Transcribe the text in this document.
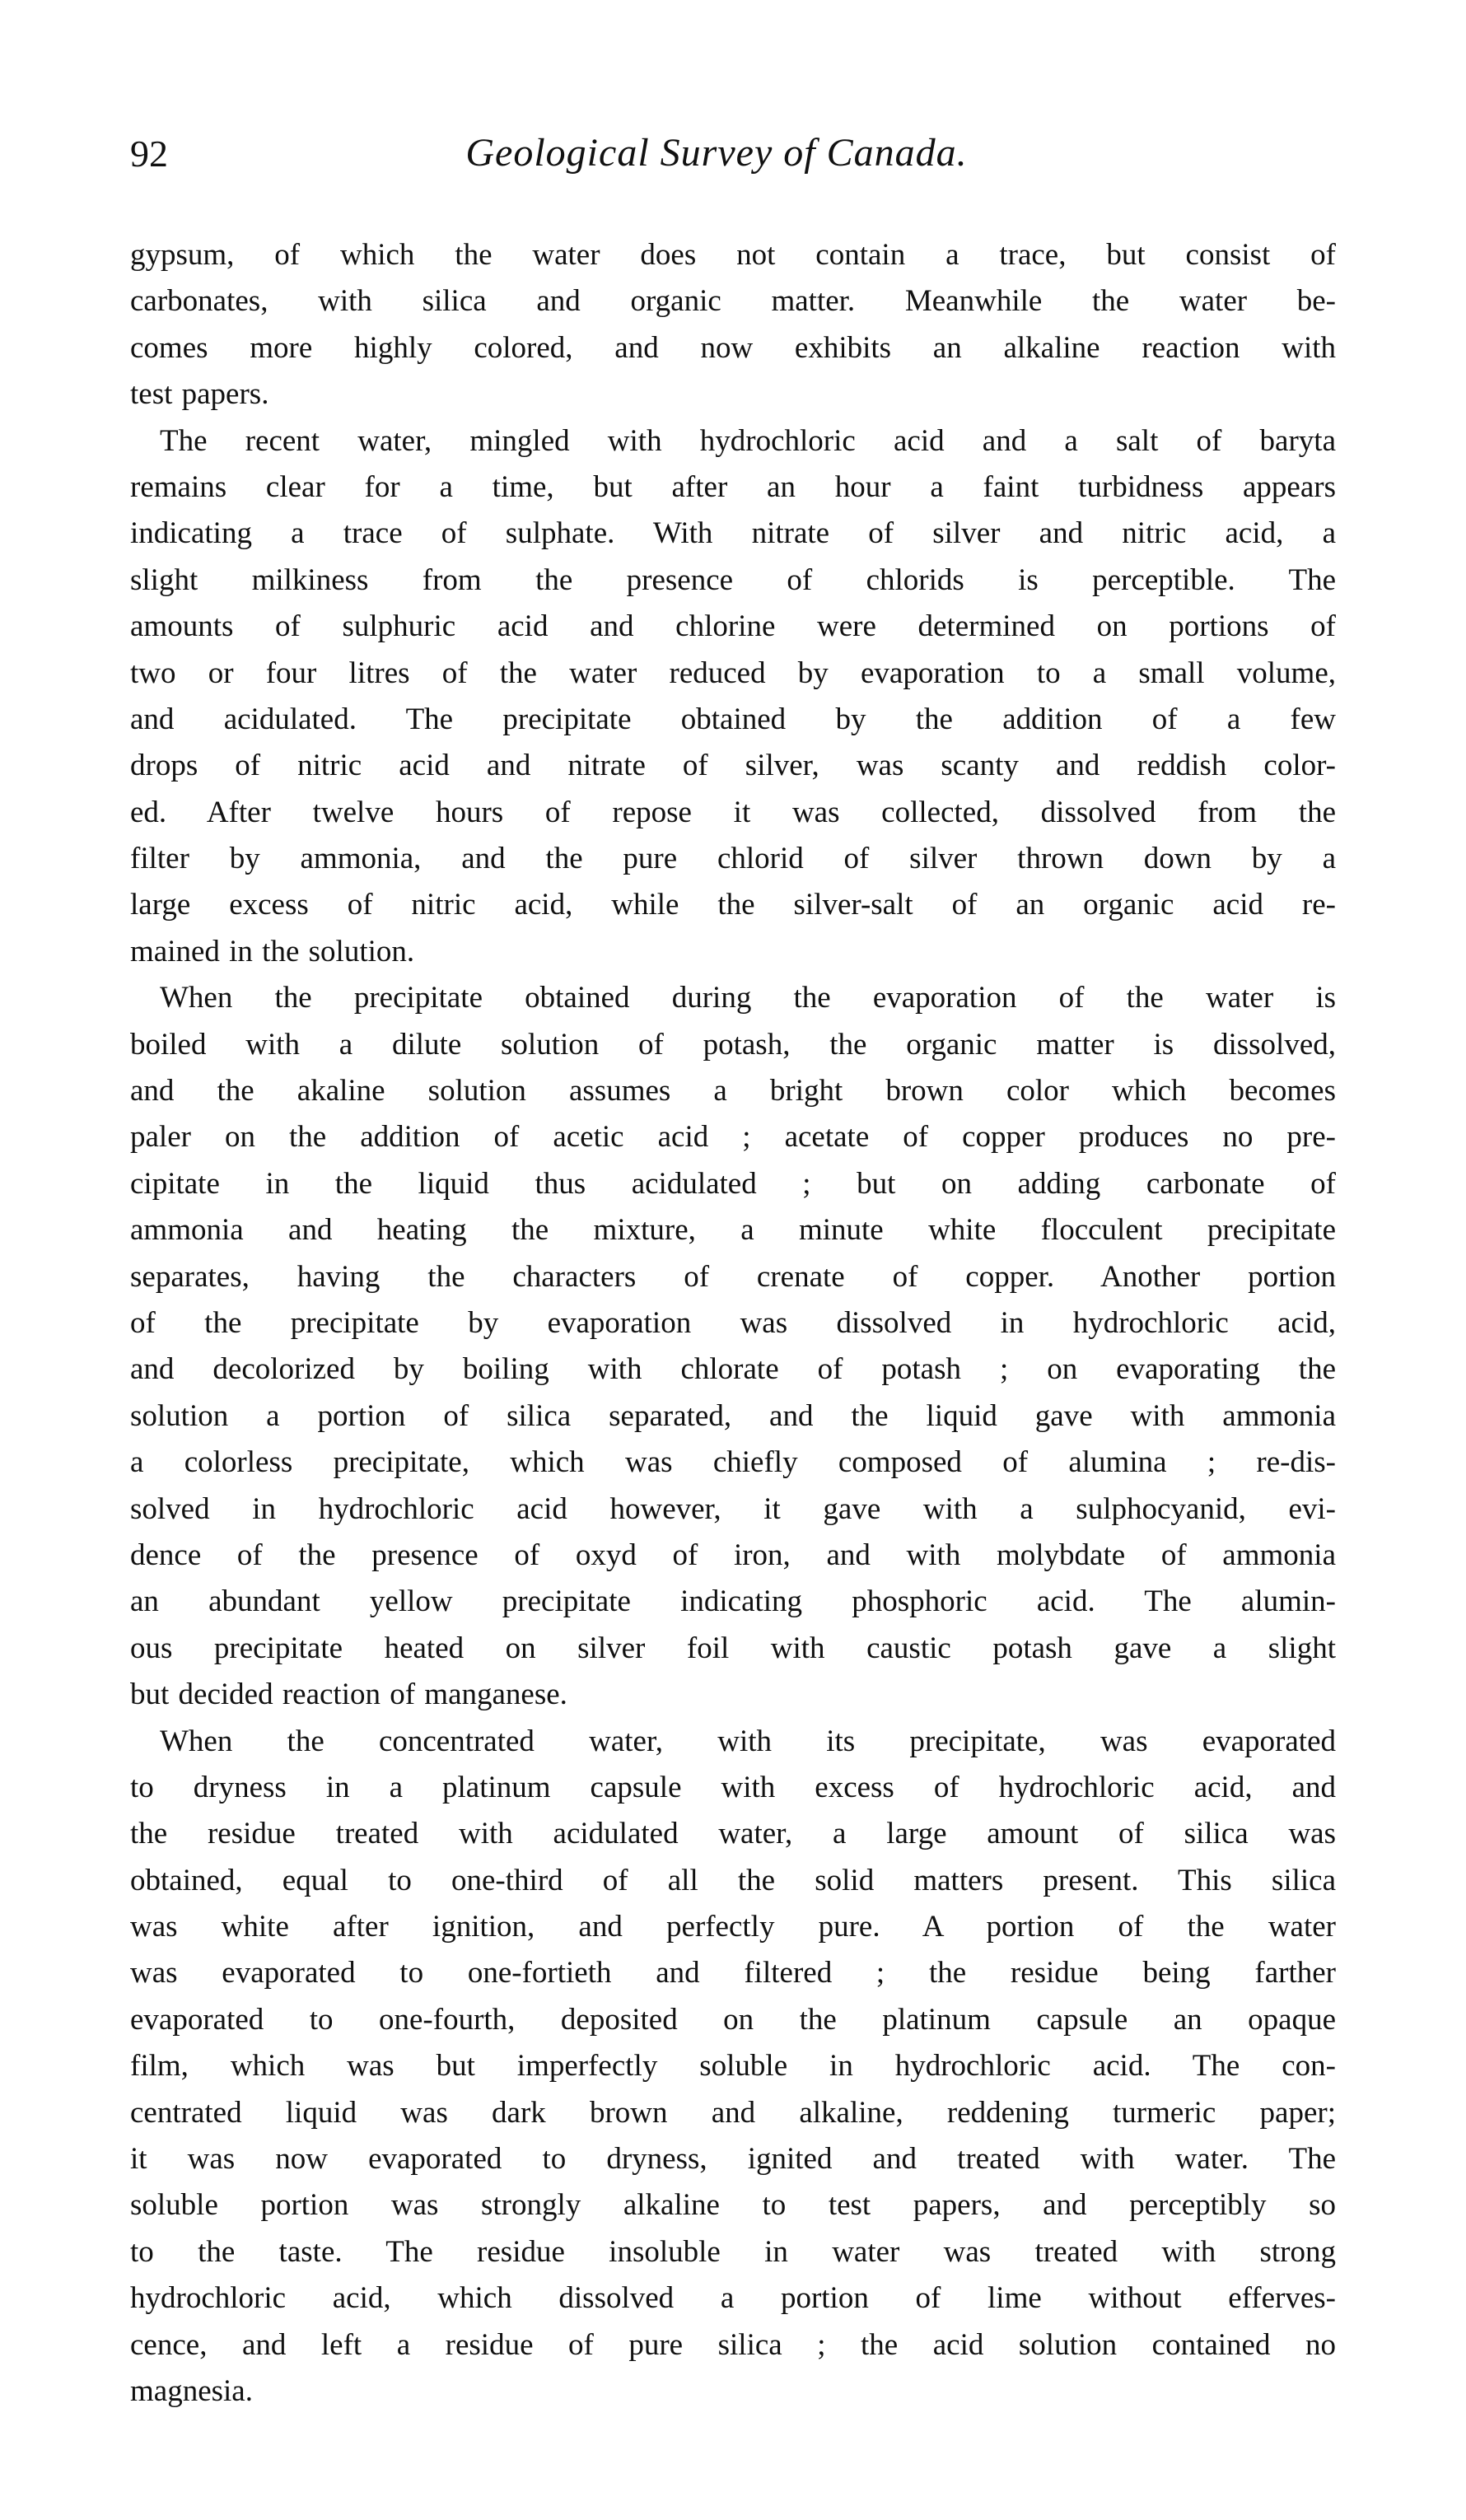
92	Geological Survey of Canada.
gypsum, of which the water does not contain a trace, but consist of
carbonates, with silica and organic matter. Meanwhile the water be-
comes more highly colored, and now exhibits an alkaline reaction with
test papers.
The recent water, mingled with hydrochloric acid and a salt of baryta
remains clear for a time, but after an hour a faint turbidness appears
indicating a trace of sulphate. With nitrate of silver and nitric acid, a
slight milkiness from the presence of chlorids is perceptible. The
amounts of sulphuric acid and chlorine were determined on portions of
two or four litres of the water reduced by evaporation to a small volume,
and acidulated. The precipitate obtained by the addition of a few
drops of nitric acid and nitrate of silver, was scanty and reddish color-
ed. After twelve hours of repose it was collected, dissolved from the
filter by ammonia, and the pure chlorid of silver thrown down by a
large excess of nitric acid, while the silver-salt of an organic acid re-
mained in the solution.
When the precipitate obtained during the evaporation of the water is
boiled with a dilute solution of potash, the organic matter is dissolved,
and the akaline solution assumes a bright brown color which becomes
paler on the addition of acetic acid ; acetate of copper produces no pre-
cipitate in the liquid thus acidulated ; but on adding carbonate of
ammonia and heating the mixture, a minute white flocculent precipitate
separates, having the characters of crenate of copper. Another portion
of the precipitate by evaporation was dissolved in hydrochloric acid,
and decolorized by boiling with chlorate of potash ; on evaporating the
solution a portion of silica separated, and the liquid gave with ammonia
a colorless precipitate, which was chiefly composed of alumina ; re-dis-
solved in hydrochloric acid however, it gave with a sulphocyanid, evi-
dence of the presence of oxyd of iron, and with molybdate of ammonia
an abundant yellow precipitate indicating phosphoric acid. The alumin-
ous precipitate heated on silver foil with caustic potash gave a slight
but decided reaction of manganese.
When the concentrated water, with its precipitate, was evaporated
to dryness in a platinum capsule with excess of hydrochloric acid, and
the residue treated with acidulated water, a large amount of silica was
obtained, equal to one-third of all the solid matters present. This silica
was white after ignition, and perfectly pure. A portion of the water
was evaporated to one-fortieth and filtered ; the residue being farther
evaporated to one-fourth, deposited on the platinum capsule an opaque
film, which was but imperfectly soluble in hydrochloric acid. The con-
centrated liquid was dark brown and alkaline, reddening turmeric paper;
it was now evaporated to dryness, ignited and treated with water. The
soluble portion was strongly alkaline to test papers, and perceptibly so
to the taste. The residue insoluble in water was treated with strong
hydrochloric acid, which dissolved a portion of lime without efferves-
cence, and left a residue of pure silica ; the acid solution contained no
magnesia.
